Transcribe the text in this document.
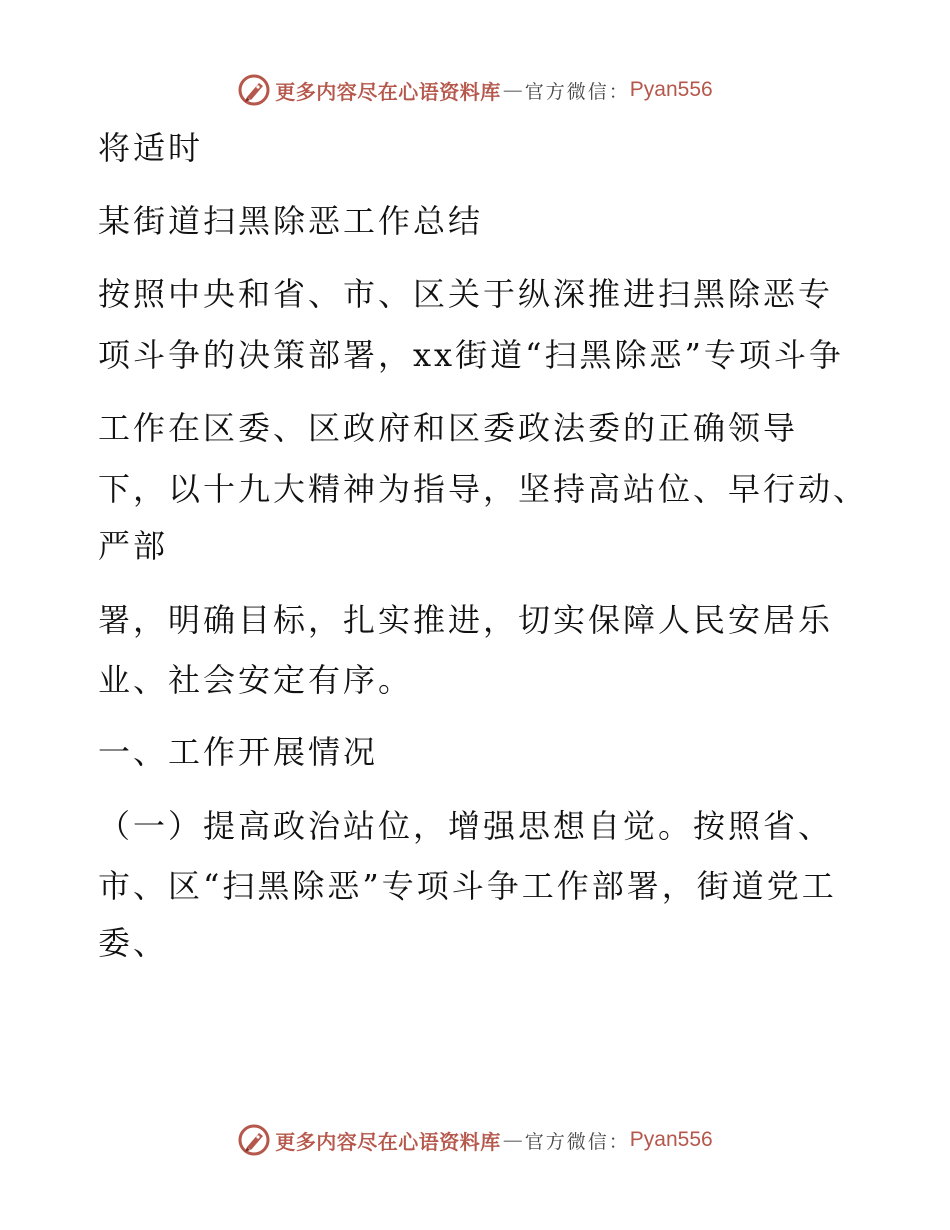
更多内容尽在心语资料库 — 官方微信： Pyan556
将适时
某街道扫黑除恶工作总结
按照中央和省、市、区关于纵深推进扫黑除恶专
项斗争的决策部署，xx街道“扫黑除恶”专项斗争
工作在区委、区政府和区委政法委的正确领导
下，以十九大精神为指导，坚持高站位、早行动、
严部
署，明确目标，扎实推进，切实保障人民安居乐
业、社会安定有序。
一、工作开展情况
（一）提高政治站位，增强思想自觉。按照省、
市、区“扫黑除恶”专项斗争工作部署，街道党工
委、
更多内容尽在心语资料库 — 官方微信： Pyan556
